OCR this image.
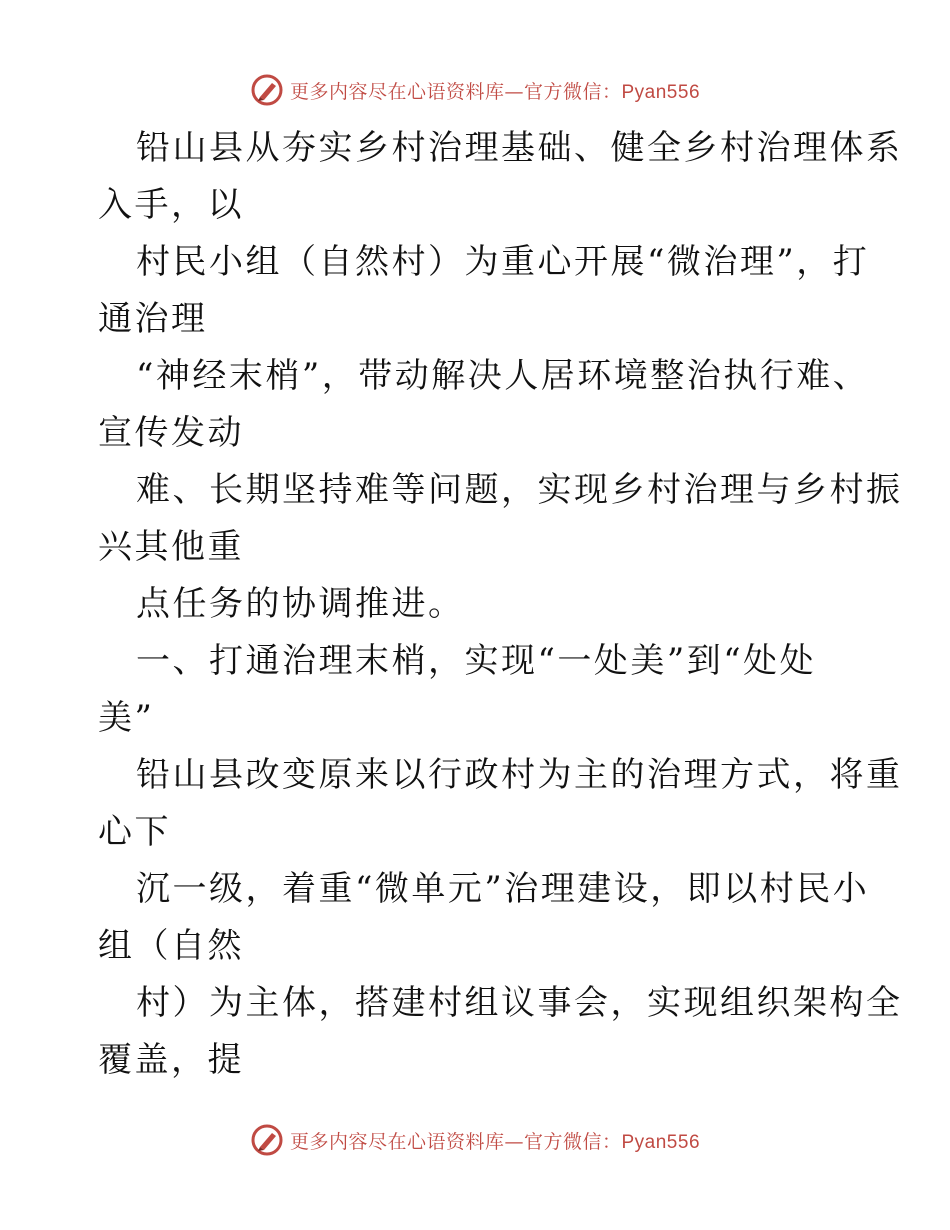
更多内容尽在心语资料库—官方微信：Pyan556
铅山县从夯实乡村治理基础、健全乡村治理体系
入手，以
村民小组（自然村）为重心开展“微治理”，打
通治理
“神经末梢”，带动解决人居环境整治执行难、
宣传发动
难、长期坚持难等问题，实现乡村治理与乡村振
兴其他重
点任务的协调推进。
一、打通治理末梢，实现“一处美”到“处处
美”
铅山县改变原来以行政村为主的治理方式，将重
心下
沉一级，着重“微单元”治理建设，即以村民小
组（自然
村）为主体，搭建村组议事会，实现组织架构全
覆盖，提
更多内容尽在心语资料库—官方微信：Pyan556
